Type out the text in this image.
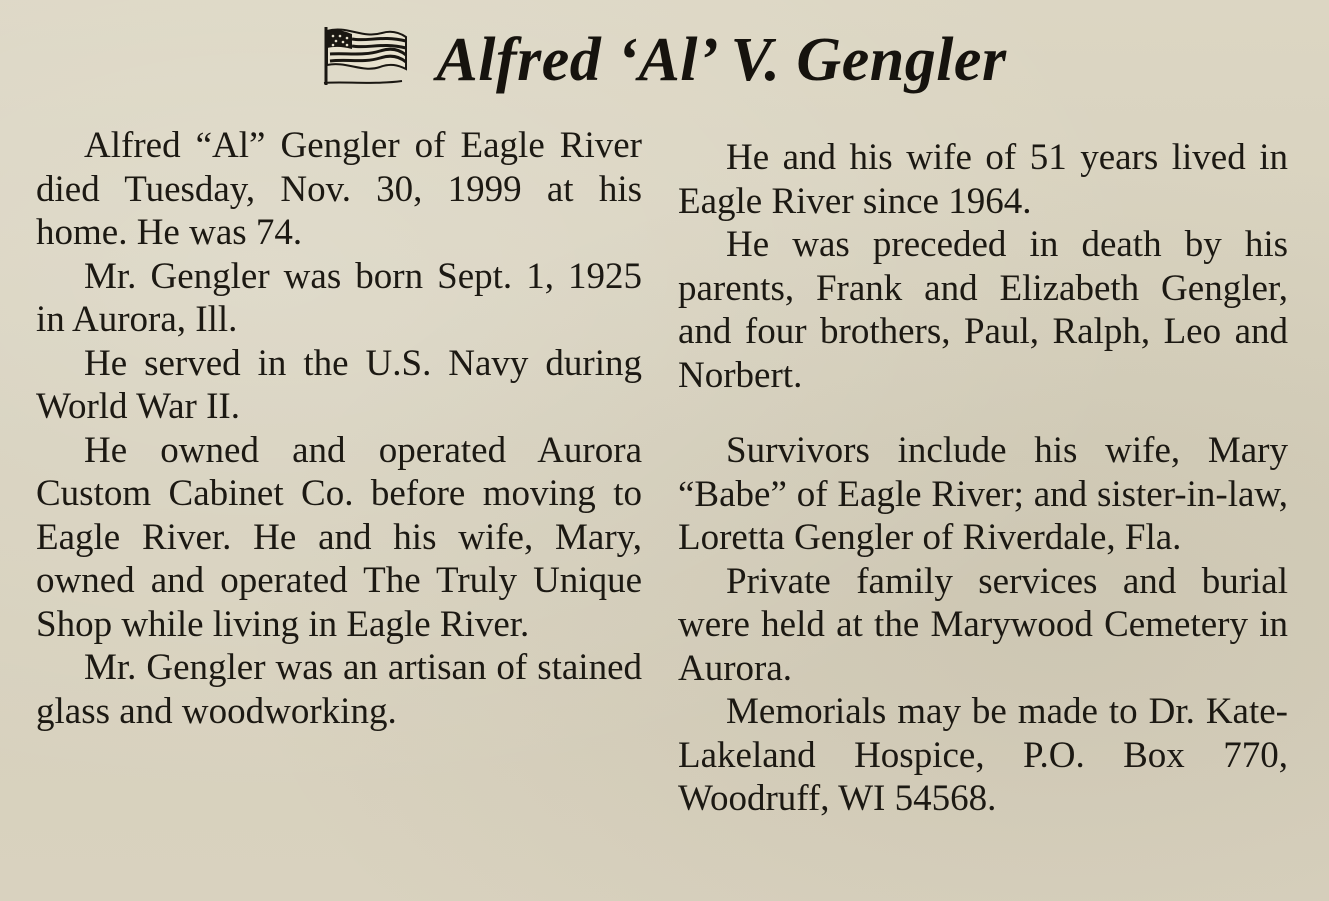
Alfred ‘Al’ V. Gengler

Alfred “Al” Gengler of Eagle River died Tuesday, Nov. 30, 1999 at his home. He was 74.

Mr. Gengler was born Sept. 1, 1925 in Aurora, Ill.

He served in the U.S. Navy during World War II.

He owned and operated Aurora Custom Cabinet Co. before moving to Eagle River. He and his wife, Mary, owned and operated The Truly Unique Shop while living in Eagle River.

Mr. Gengler was an artisan of stained glass and woodworking.

He and his wife of 51 years lived in Eagle River since 1964.

He was preceded in death by his parents, Frank and Elizabeth Gengler, and four brothers, Paul, Ralph, Leo and Norbert.

Survivors include his wife, Mary “Babe” of Eagle River; and sister-in-law, Loretta Gengler of Riverdale, Fla.

Private family services and burial were held at the Marywood Cemetery in Aurora.

Memorials may be made to Dr. Kate-Lakeland Hospice, P.O. Box 770, Woodruff, WI 54568.
